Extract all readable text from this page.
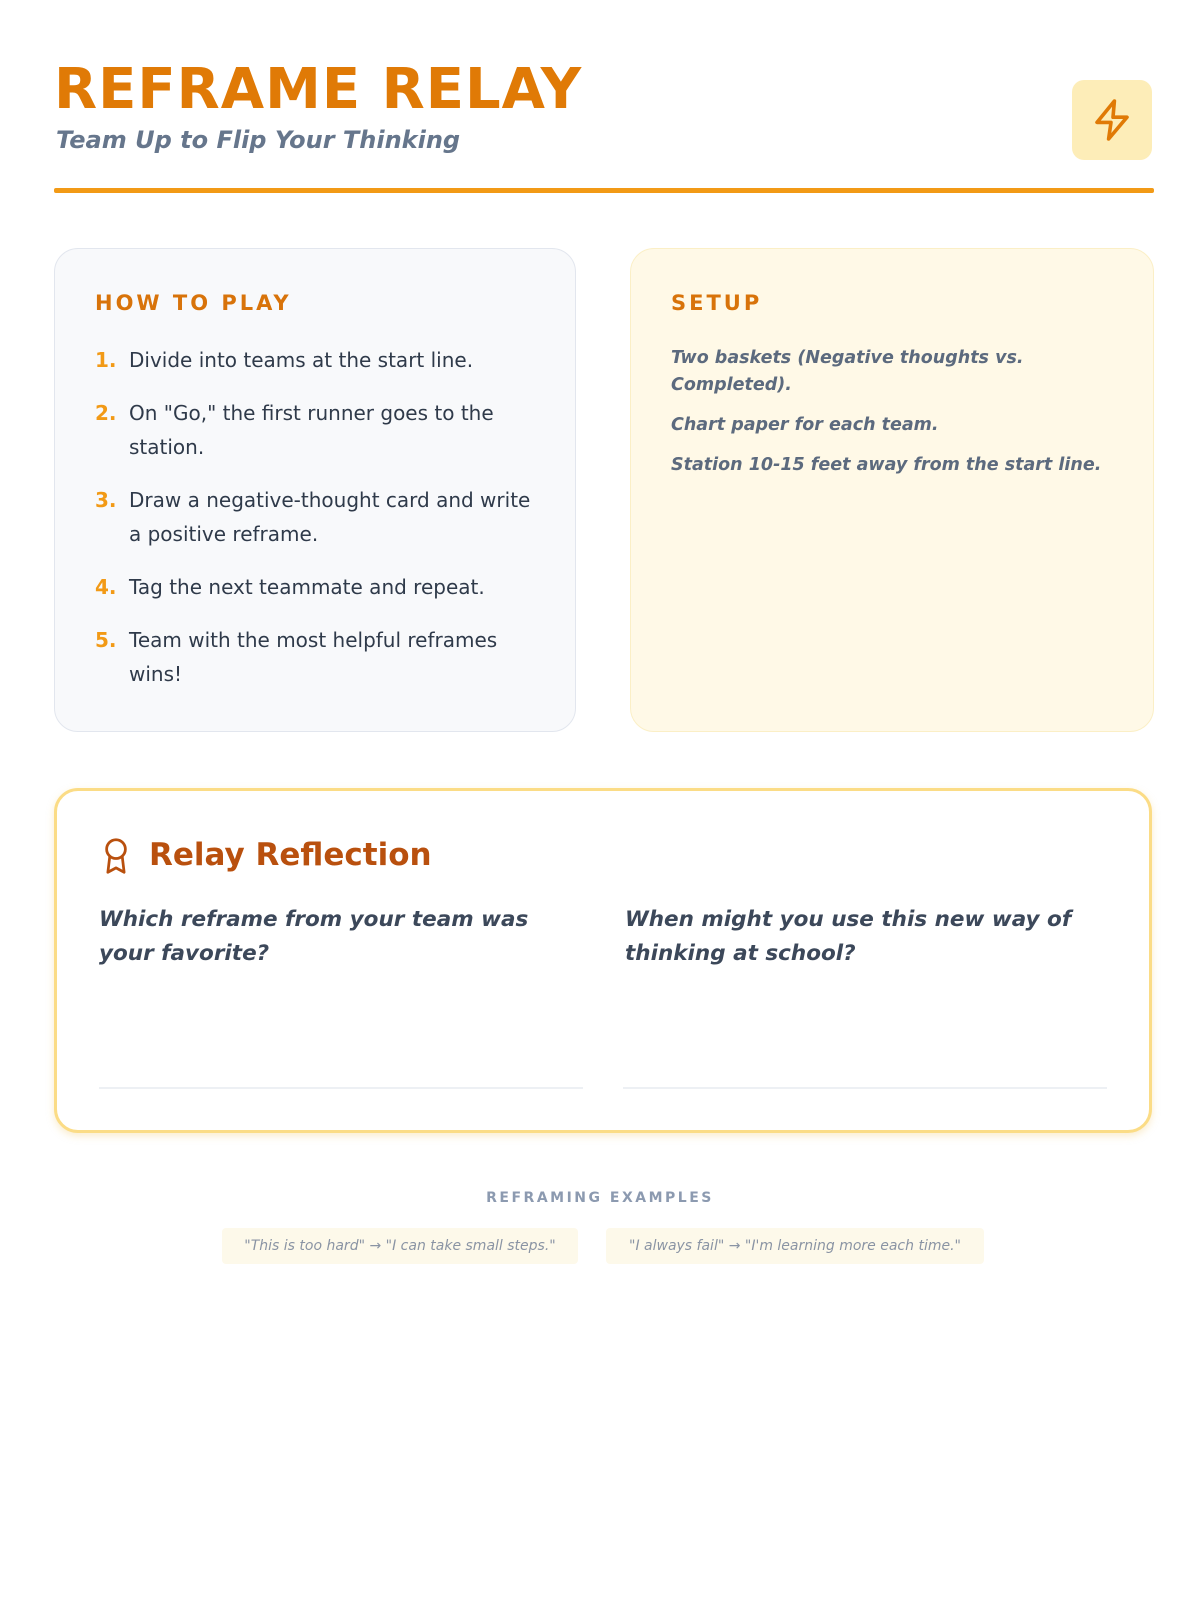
REFRAME RELAY

Team Up to Flip Your Thinking

HOW TO PLAY
1. Divide into teams at the start line.
2. On "Go," the first runner goes to the station.
3. Draw a negative-thought card and write a positive reframe.
4. Tag the next teammate and repeat.
5. Team with the most helpful reframes wins!
SETUP
Two baskets (Negative thoughts vs. Completed).
Chart paper for each team.
Station 10-15 feet away from the start line.
Relay Reflection

Which reframe from your team was your favorite?

When might you use this new way of thinking at school?

REFRAMING EXAMPLES

"This is too hard" → "I can take small steps."	"I always fail" → "I'm learning more each time."
